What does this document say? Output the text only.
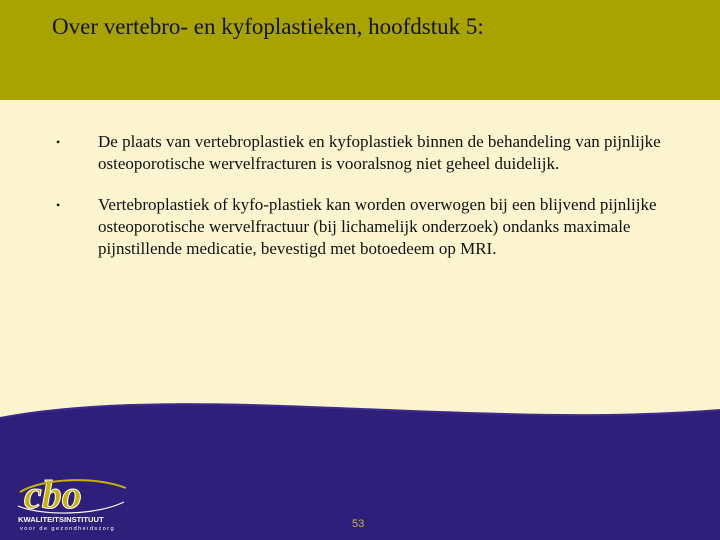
Over vertebro- en kyfoplastieken, hoofdstuk 5:
• De plaats van vertebroplastiek en kyfoplastiek binnen de behandeling van pijnlijke osteoporotische wervelfracturen is vooralsnog niet geheel duidelijk.
• Vertebroplastiek of kyfo-plastiek kan worden overwogen bij een blijvend pijnlijke osteoporotische wervelfractuur (bij lichamelijk onderzoek) ondanks maximale pijnstillende medicatie, bevestigd met botoedeem op MRI.
cbo
KWALITEITSINSTITUUT
voor de gezondheidszorg	53
